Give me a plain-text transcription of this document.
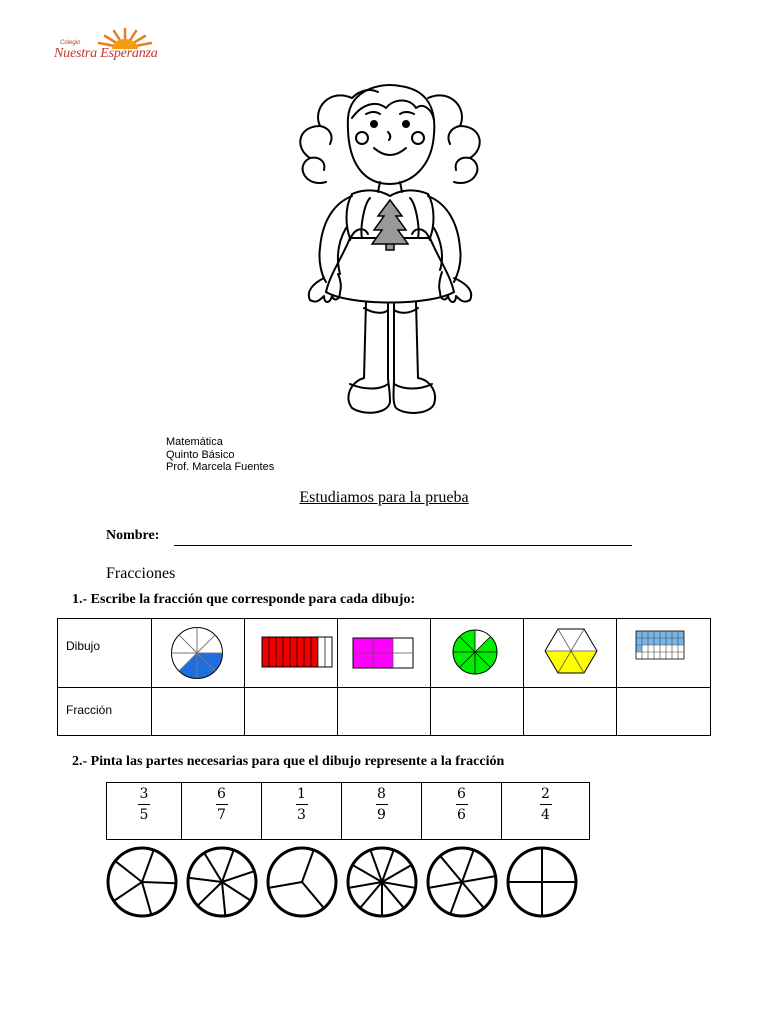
Colegio
Nuestra Esperanza
Matemática
Quinto Básico
Prof. Marcela Fuentes
Estudiamos para la prueba
Nombre:
Fracciones
1.- Escribe la fracción que corresponde para cada dibujo:
Dibujo
Fracción
2.- Pinta las partes necesarias para que el dibujo represente a la fracción
3
5
6
7
1
3
8
9
6
6
2
4
